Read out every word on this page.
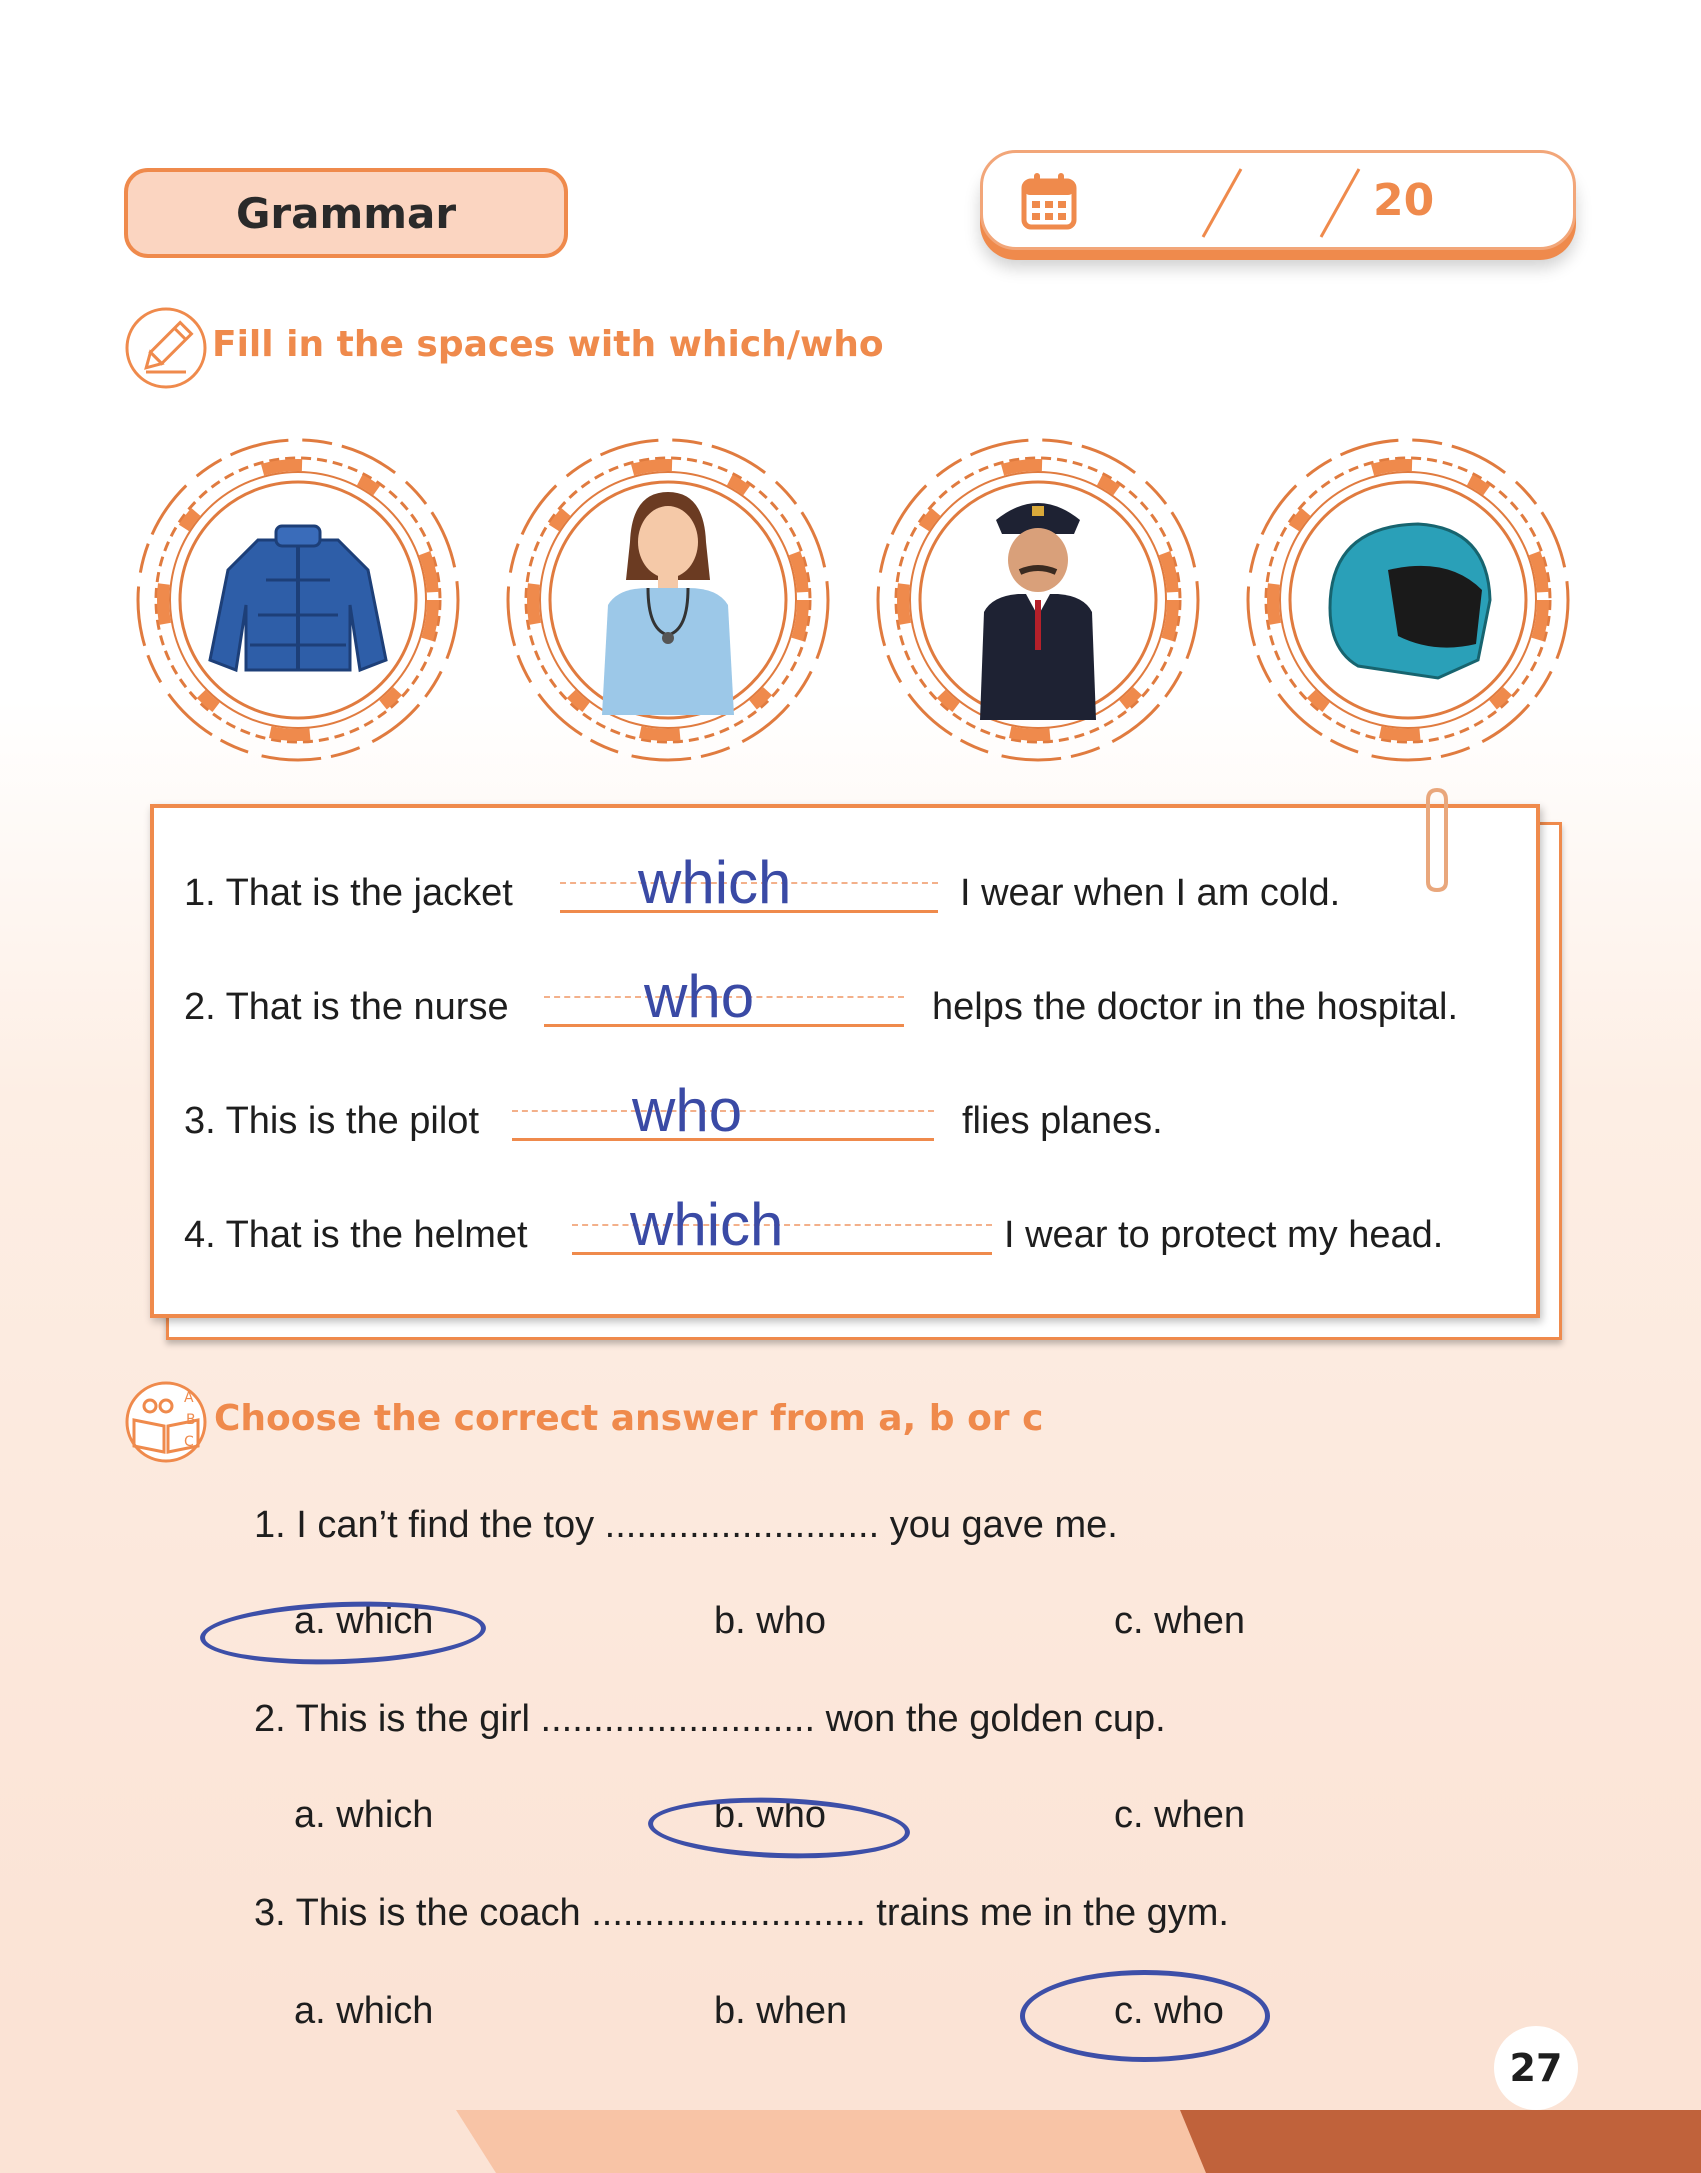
Grammar	20
Fill in the spaces with which/who
1. That is the jacket which	I wear when I am cold.
2. That is the nurse who	helps the doctor in the hospital.
3. This is the pilot	who	flies planes.
4. That is the helmet which	I wear to protect my head.
A
B
C
Choose the correct answer from a, b or c
1. I can’t find the toy .......................... you gave me.
a. which	b. who	c. when
2. This is the girl .......................... won the golden cup.
a. which	b. who	c. when
3. This is the coach .......................... trains me in the gym.
a. which	b. when	c. who
27
